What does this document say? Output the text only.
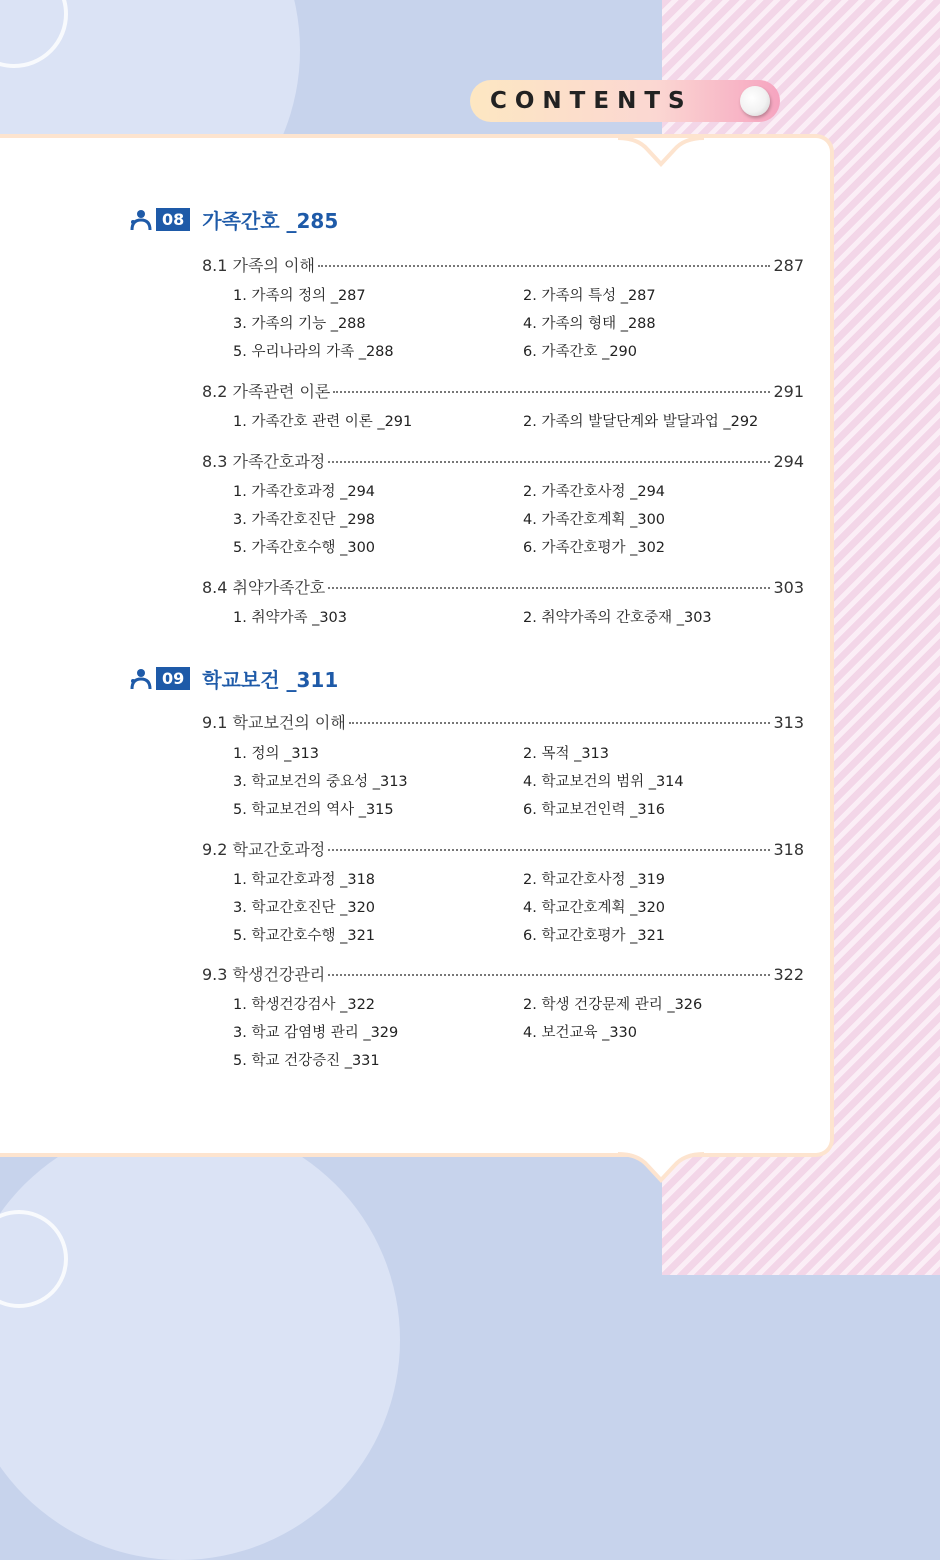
CONTENTS
08 가족간호 _285
8.1 가족의 이해	287
1. 가족의 정의 _287	2. 가족의 특성 _287
3. 가족의 기능 _288	4. 가족의 형태 _288
5. 우리나라의 가족 _288	6. 가족간호 _290
8.2 가족관련 이론	291
1. 가족간호 관련 이론 _291	2. 가족의 발달단계와 발달과업 _292
8.3 가족간호과정	294
1. 가족간호과정 _294	2. 가족간호사정 _294
3. 가족간호진단 _298	4. 가족간호계획 _300
5. 가족간호수행 _300	6. 가족간호평가 _302
8.4 취약가족간호	303
1. 취약가족 _303	2. 취약가족의 간호중재 _303
09 학교보건 _311
9.1 학교보건의 이해	313
1. 정의 _313	2. 목적 _313
3. 학교보건의 중요성 _313	4. 학교보건의 범위 _314
5. 학교보건의 역사 _315	6. 학교보건인력 _316
9.2 학교간호과정	318
1. 학교간호과정 _318	2. 학교간호사정 _319
3. 학교간호진단 _320	4. 학교간호계획 _320
5. 학교간호수행 _321	6. 학교간호평가 _321
9.3 학생건강관리	322
1. 학생건강검사 _322	2. 학생 건강문제 관리 _326
3. 학교 감염병 관리 _329	4. 보건교육 _330
5. 학교 건강증진 _331
